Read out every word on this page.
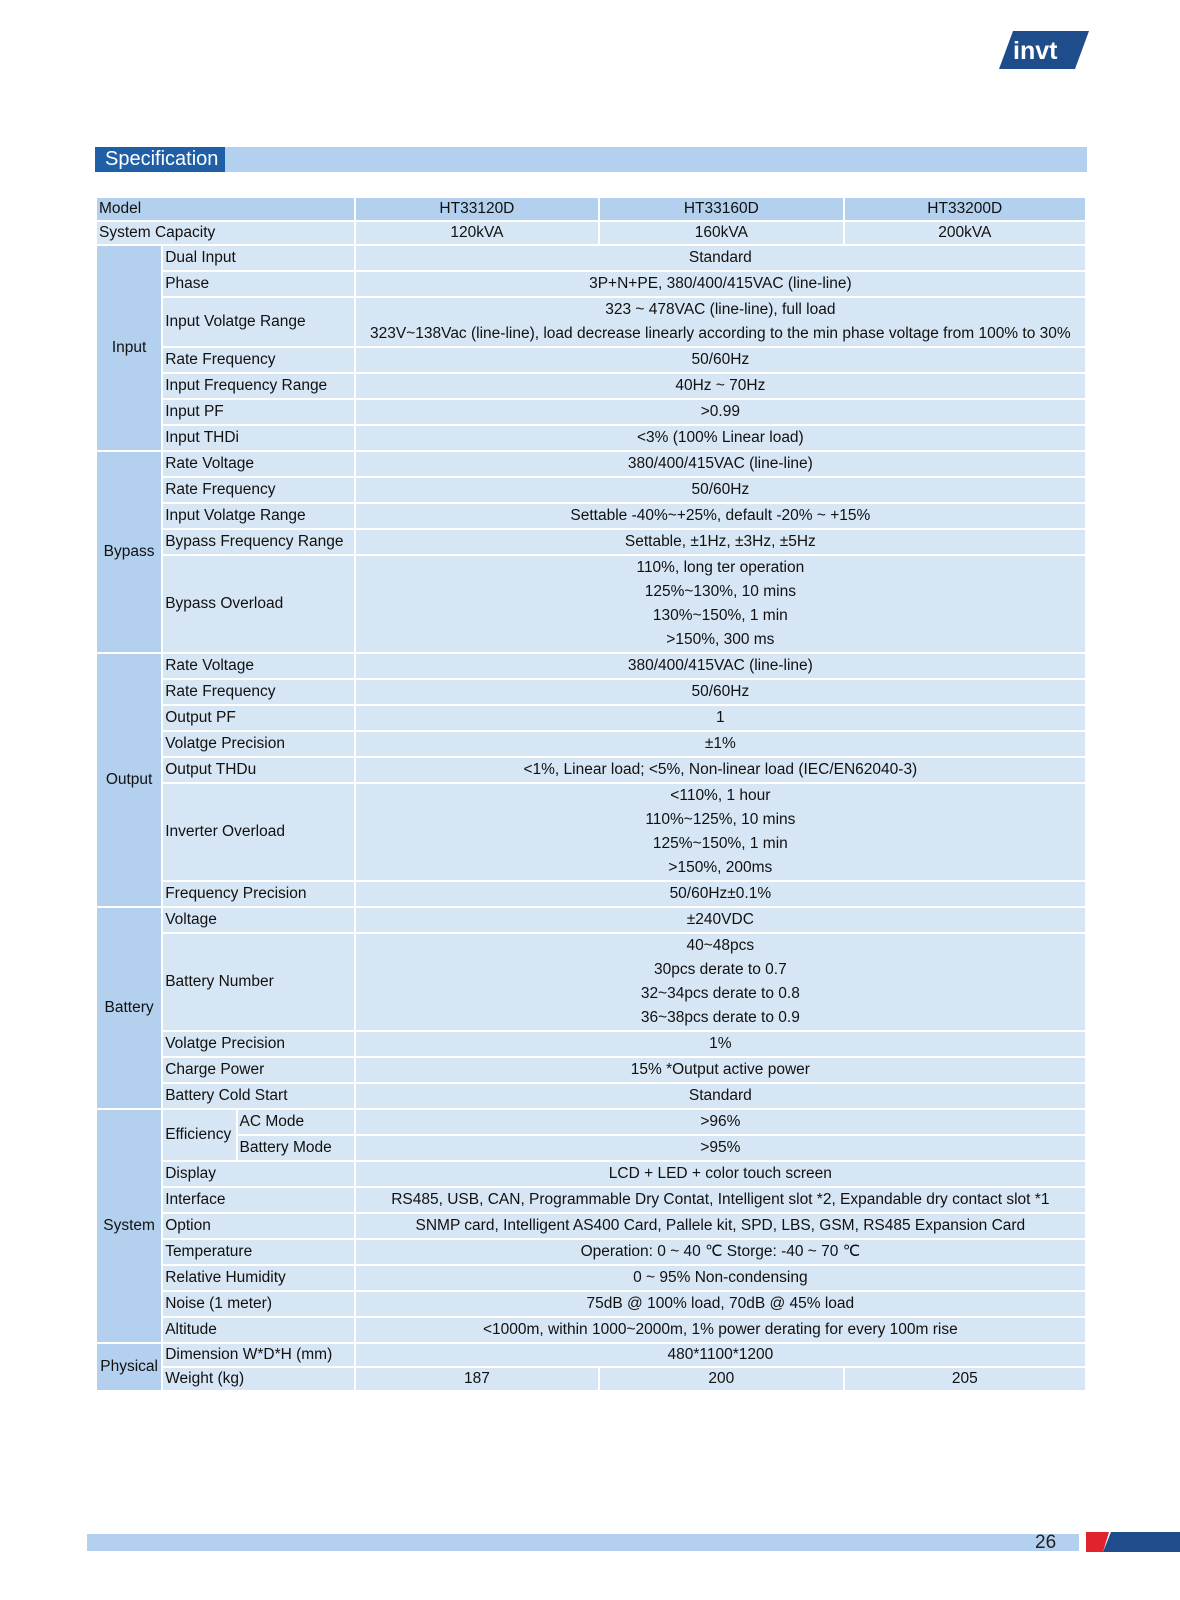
invt
Specification
Model			HT33120D	HT33160D	HT33200D
System Capacity			120kVA	160kVA	200kVA
Input	Dual Input		Standard		

	Phase		3P+N+PE, 380/400/415VAC (line-line)		

	Input Volatge Range		323 ~ 478VAC (line-line), full load
323V~138Vac (line-line), load decrease linearly according to the min phase voltage from 100% to 30%		

	Rate Frequency		50/60Hz		

	Input Frequency Range		40Hz ~ 70Hz		

	Input PF		>0.99		

	Input THDi		<3% (100% Linear load)		

Bypass	Rate Voltage		380/400/415VAC (line-line)		

	Rate Frequency		50/60Hz		

	Input Volatge Range		Settable -40%~+25%, default -20% ~ +15%		

	Bypass Frequency Range		Settable, ±1Hz, ±3Hz, ±5Hz		

	Bypass Overload		110%, long ter operation
125%~130%, 10 mins
130%~150%, 1 min
>150%, 300 ms		

Output	Rate Voltage		380/400/415VAC (line-line)		

	Rate Frequency		50/60Hz		

	Output PF		1		

	Volatge Precision		±1%		

	Output THDu		<1%, Linear load; <5%, Non-linear load (IEC/EN62040-3)		

	Inverter Overload		<110%, 1 hour
110%~125%, 10 mins
125%~150%, 1 min
>150%, 200ms		

	Frequency Precision		50/60Hz±0.1%		

Battery	Voltage		±240VDC		

	Battery Number		40~48pcs
30pcs derate to 0.7
32~34pcs derate to 0.8
36~38pcs derate to 0.9		

	Volatge Precision		1%		

	Charge Power		15% *Output active power		

	Battery Cold Start		Standard		

System	Efficiency	AC Mode	>96%		

		Battery Mode	>95%		

	Display		LCD + LED + color touch screen		

	Interface		RS485, USB, CAN, Programmable Dry Contat, Intelligent slot *2, Expandable dry contact slot *1		

	Option		SNMP card, Intelligent AS400 Card, Pallele kit, SPD, LBS, GSM, RS485 Expansion Card		

	Temperature		Operation: 0 ~ 40 ℃ Storge: -40 ~ 70 ℃		

	Relative Humidity		0 ~ 95% Non-condensing		

	Noise (1 meter)		75dB @ 100% load, 70dB @ 45% load		

	Altitude		<1000m, within 1000~2000m, 1% power derating for every 100m rise		

Physical	Dimension W*D*H (mm)		480*1100*1200		
	Weight (kg)		187	200	205
26
